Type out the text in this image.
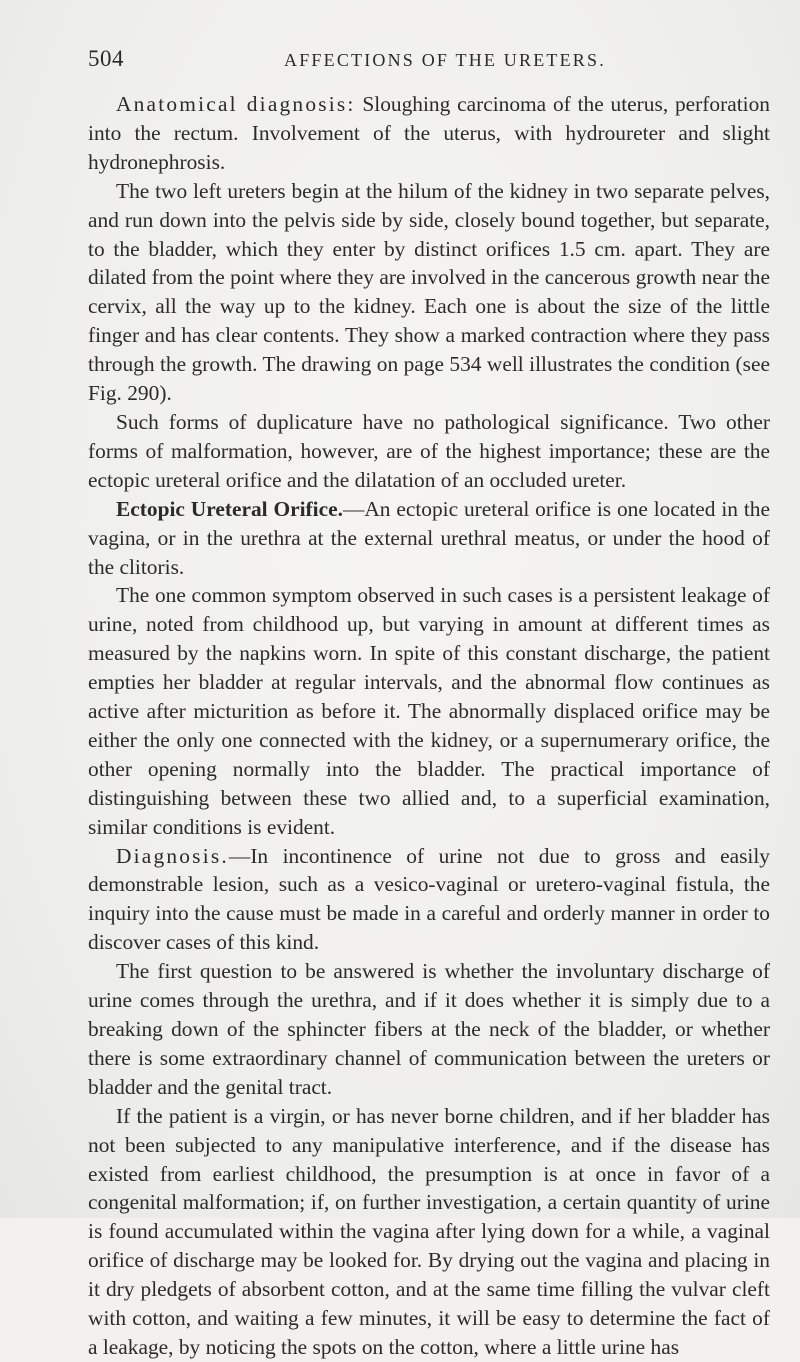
504	AFFECTIONS OF THE URETERS.

Anatomical diagnosis: Sloughing carcinoma of the uterus, perforation into the rectum. Involvement of the uterus, with hydroureter and slight hydronephrosis.

The two left ureters begin at the hilum of the kidney in two separate pelves, and run down into the pelvis side by side, closely bound together, but separate, to the bladder, which they enter by distinct orifices 1.5 cm. apart. They are dilated from the point where they are involved in the cancerous growth near the cervix, all the way up to the kidney. Each one is about the size of the little finger and has clear contents. They show a marked contraction where they pass through the growth. The drawing on page 534 well illustrates the condition (see Fig. 290).

Such forms of duplicature have no pathological significance. Two other forms of malformation, however, are of the highest importance; these are the ectopic ureteral orifice and the dilatation of an occluded ureter.

Ectopic Ureteral Orifice.—An ectopic ureteral orifice is one located in the vagina, or in the urethra at the external urethral meatus, or under the hood of the clitoris.

The one common symptom observed in such cases is a persistent leakage of urine, noted from childhood up, but varying in amount at different times as measured by the napkins worn. In spite of this constant discharge, the patient empties her bladder at regular intervals, and the abnormal flow continues as active after micturition as before it. The abnormally displaced orifice may be either the only one connected with the kidney, or a supernumerary orifice, the other opening normally into the bladder. The practical importance of distinguishing between these two allied and, to a superficial examination, similar conditions is evident.

Diagnosis.—In incontinence of urine not due to gross and easily demonstrable lesion, such as a vesico-vaginal or uretero-vaginal fistula, the inquiry into the cause must be made in a careful and orderly manner in order to discover cases of this kind.

The first question to be answered is whether the involuntary discharge of urine comes through the urethra, and if it does whether it is simply due to a breaking down of the sphincter fibers at the neck of the bladder, or whether there is some extraordinary channel of communication between the ureters or bladder and the genital tract.

If the patient is a virgin, or has never borne children, and if her bladder has not been subjected to any manipulative interference, and if the disease has existed from earliest childhood, the presumption is at once in favor of a congenital malformation; if, on further investigation, a certain quantity of urine is found accumulated within the vagina after lying down for a while, a vaginal orifice of discharge may be looked for. By drying out the vagina and placing in it dry pledgets of absorbent cotton, and at the same time filling the vulvar cleft with cotton, and waiting a few minutes, it will be easy to determine the fact of a leakage, by noticing the spots on the cotton, where a little urine has
